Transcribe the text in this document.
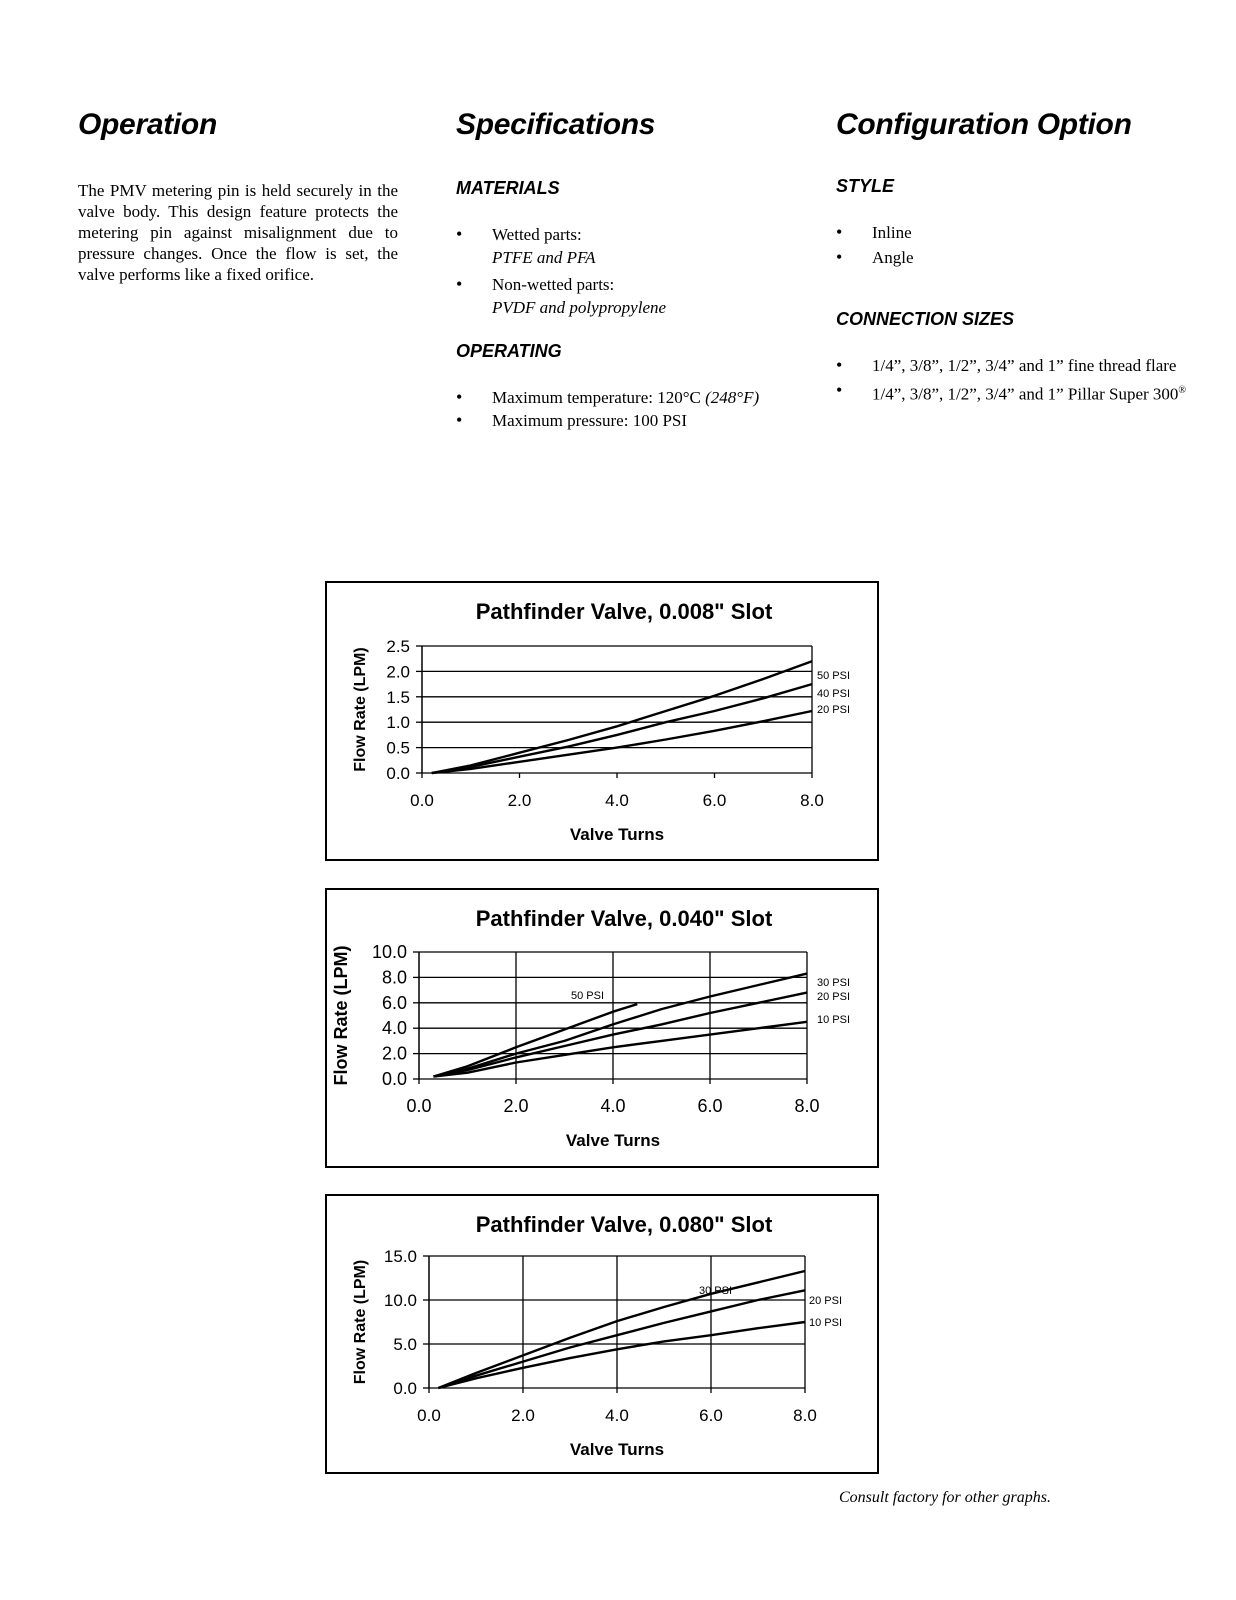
Operation

The PMV metering pin is held securely in the valve body. This design feature protects the metering pin against misalignment due to pressure changes. Once the flow is set, the valve performs like a fixed orifice.

Specifications
MATERIALS
• Wetted parts:
PTFE and PFA
• Non-wetted parts:
PVDF and polypropylene
OPERATING
• Maximum temperature: 120°C (248°F)
• Maximum pressure: 100 PSI
Configuration Option
STYLE
• Inline
• Angle
CONNECTION SIZES
• 1/4”, 3/8”, 1/2”, 3/4” and 1” fine thread flare
• 1/4”, 3/8”, 1/2”, 3/4” and 1” Pillar Super 300®
Pathfinder Valve, 0.008" Slot
0.0
0.5
1.0
1.5
2.0
2.5
0.0	2.0	4.0	6.0	8.0
Valve Turns
Flow Rate (LPM)	50 PSI
40 PSI
20 PSI
Pathfinder Valve, 0.040" Slot
0.0
2.0
4.0
6.0
8.0
10.0
0.0	2.0	4.0	6.0	8.0
Valve Turns
Flow Rate (LPM)	30 PSI
20 PSI
10 PSI
50 PSI
Pathfinder Valve, 0.080" Slot
0.0
5.0
10.0
15.0
0.0	2.0	4.0	6.0	8.0
Valve Turns
Flow Rate (LPM)	20 PSI
10 PSI
30 PSI
Consult factory for other graphs.
